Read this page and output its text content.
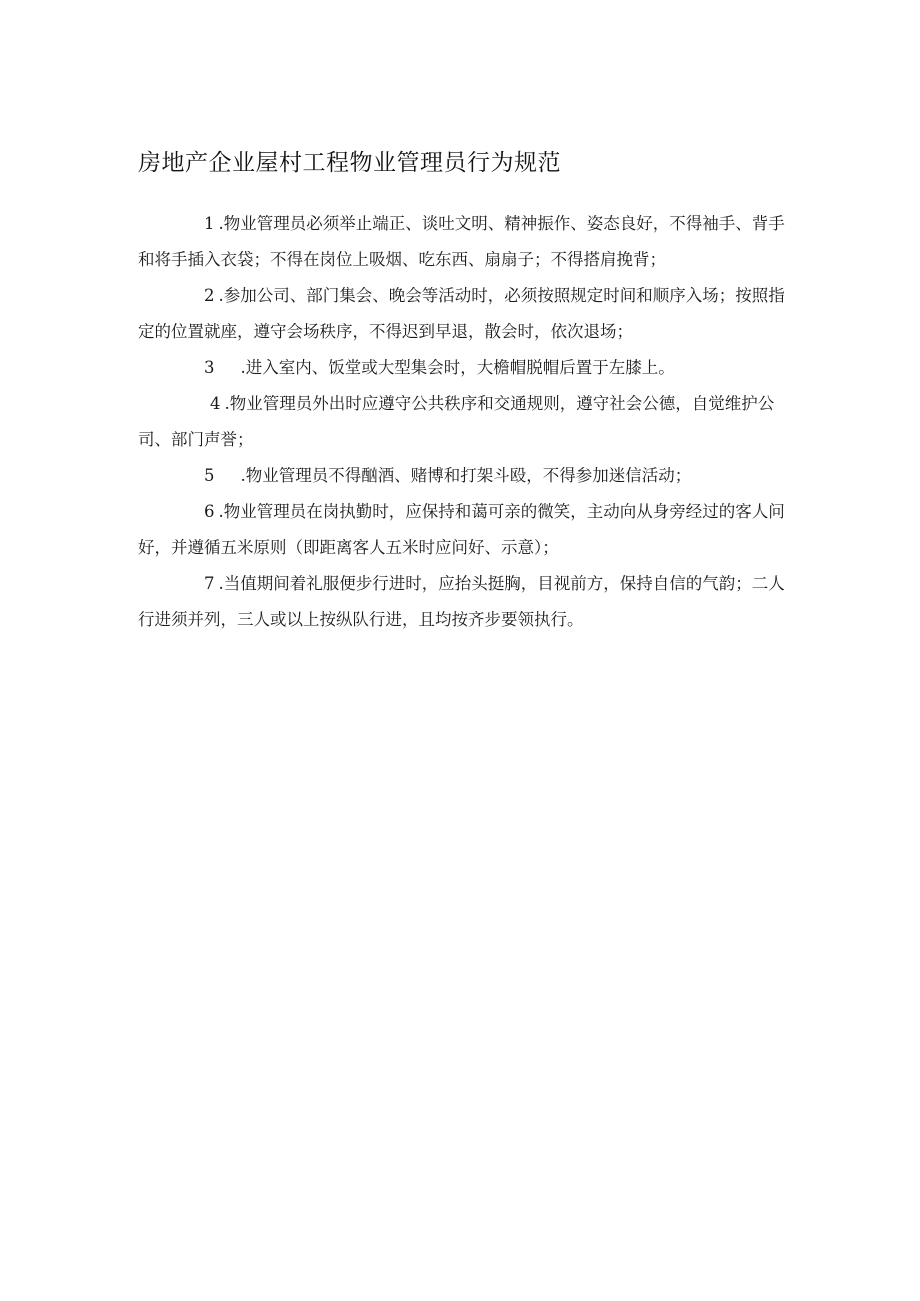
房地产企业屋村工程物业管理员行为规范

1 .物业管理员必须举止端正、谈吐文明、精神振作、姿态良好，不得袖手、背手和将手插入衣袋；不得在岗位上吸烟、吃东西、扇扇子；不得搭肩挽背；

2 .参加公司、部门集会、晚会等活动时，必须按照规定时间和顺序入场；按照指定的位置就座，遵守会场秩序，不得迟到早退，散会时，依次退场；

3 .进入室内、饭堂或大型集会时，大檐帽脱帽后置于左膝上。

4 .物业管理员外出时应遵守公共秩序和交通规则，遵守社会公德，自觉维护公司、部门声誉；

5 .物业管理员不得酗酒、赌博和打架斗殴，不得参加迷信活动；

6 .物业管理员在岗执勤时，应保持和蔼可亲的微笑，主动向从身旁经过的客人问好，并遵循五米原则（即距离客人五米时应问好、示意）；

7 .当值期间着礼服便步行进时，应抬头挺胸，目视前方，保持自信的气韵；二人行进须并列，三人或以上按纵队行进，且均按齐步要领执行。
